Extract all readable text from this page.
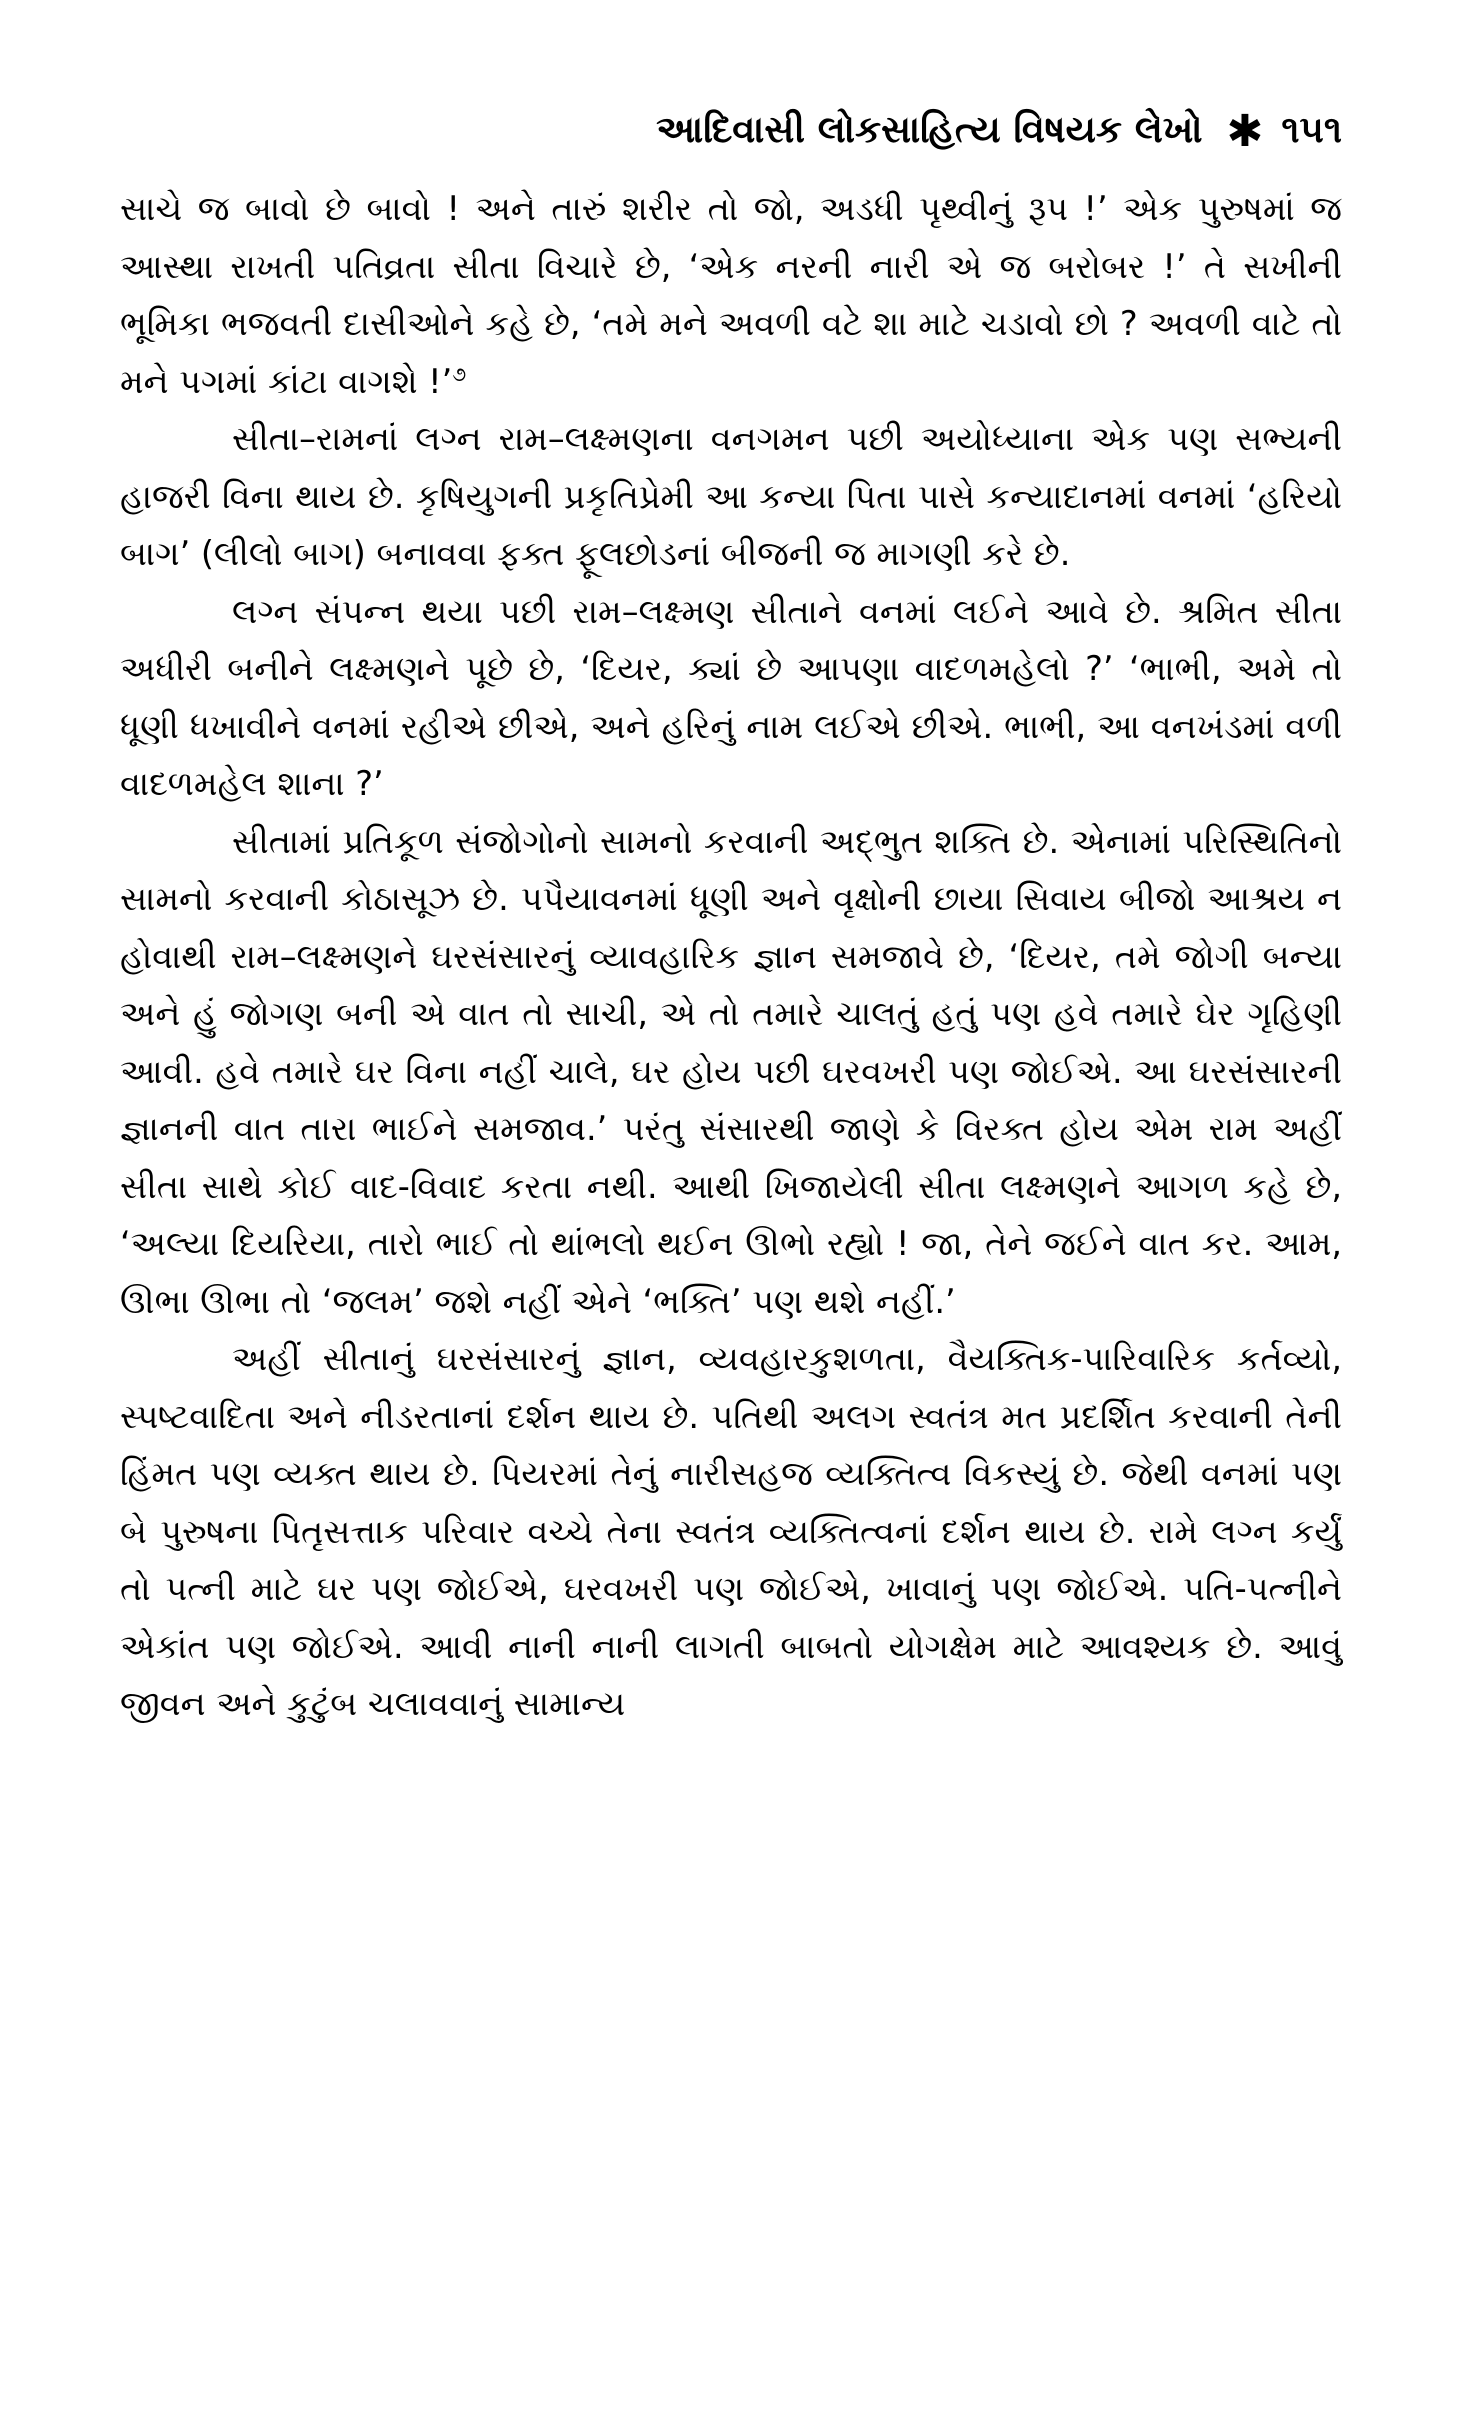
આદિવાસી લોકસાહિત્ય વિષયક લેખો ✱ ૧૫૧

સાચે જ બાવો છે બાવો ! અને તારું શરીર તો જો, અડધી પૃથ્વીનું રૂપ !’ એક પુરુષમાં જ આસ્થા રાખતી પતિવ્રતા સીતા વિચારે છે, ‘એક નરની નારી એ જ બરોબર !’ તે સખીની ભૂમિકા ભજવતી દાસીઓને કહે છે, ‘તમે મને અવળી વટે શા માટે ચડાવો છો ? અવળી વાટે તો મને પગમાં કાંટા વાગશે !’$^૭$

સીતા–રામનાં લગ્ન રામ–લક્ષ્મણના વનગમન પછી અયોધ્યાના એક પણ સભ્યની હાજરી વિના થાય છે. કૃષિયુગની પ્રકૃતિપ્રેમી આ કન્યા પિતા પાસે કન્યાદાનમાં વનમાં ‘હરિયો બાગ’ (લીલો બાગ) બનાવવા ફક્ત ફૂલછોડનાં બીજની જ માગણી કરે છે.

લગ્ન સંપન્ન થયા પછી રામ–લક્ષ્મણ સીતાને વનમાં લઈને આવે છે. શ્રમિત સીતા અધીરી બનીને લક્ષ્મણને પૂછે છે, ‘દિયર, ક્યાં છે આપણા વાદળમહેલો ?’ ‘ભાભી, અમે તો ધૂણી ધખાવીને વનમાં રહીએ છીએ, અને હરિનું નામ લઈએ છીએ. ભાભી, આ વનખંડમાં વળી વાદળમહેલ શાના ?’

સીતામાં પ્રતિકૂળ સંજોગોનો સામનો કરવાની અદ્ભુત શક્તિ છે. એનામાં પરિસ્થિતિનો સામનો કરવાની કોઠાસૂઝ છે. પપૈયાવનમાં ધૂણી અને વૃક્ષોની છાયા સિવાય બીજો આશ્રય ન હોવાથી રામ–લક્ષ્મણને ઘરસંસારનું વ્યાવહારિક જ્ઞાન સમજાવે છે, ‘દિયર, તમે જોગી બન્યા અને હું જોગણ બની એ વાત તો સાચી, એ તો તમારે ચાલતું હતું પણ હવે તમારે ઘેર ગૃહિણી આવી. હવે તમારે ઘર વિના નહીં ચાલે, ઘર હોય પછી ઘરવખરી પણ જોઈએ. આ ઘરસંસારની જ્ઞાનની વાત તારા ભાઈને સમજાવ.’ પરંતુ સંસારથી જાણે કે વિરક્ત હોય એમ રામ અહીં સીતા સાથે કોઈ વાદ-વિવાદ કરતા નથી. આથી ખિજાયેલી સીતા લક્ષ્મણને આગળ કહે છે, ‘અલ્યા દિયરિયા, તારો ભાઈ તો થાંભલો થઈન ઊભો રહ્યો ! જા, તેને જઈને વાત કર. આમ, ઊભા ઊભા તો ‘જલમ’ જશે નહીં એને ‘ભક્તિ’ પણ થશે નહીં.’

અહીં સીતાનું ઘરસંસારનું જ્ઞાન, વ્યવહારકુશળતા, વૈયક્તિક-પારિવારિક કર્તવ્યો, સ્પષ્ટવાદિતા અને નીડરતાનાં દર્શન થાય છે. પતિથી અલગ સ્વતંત્ર મત પ્રદર્શિત કરવાની તેની હિંમત પણ વ્યક્ત થાય છે. પિયરમાં તેનું નારીસહજ વ્યક્તિત્વ વિકસ્યું છે. જેથી વનમાં પણ બે પુરુષના પિતૃસત્તાક પરિવાર વચ્ચે તેના સ્વતંત્ર વ્યક્તિત્વનાં દર્શન થાય છે. રામે લગ્ન કર્યું તો પત્ની માટે ઘર પણ જોઈએ, ઘરવખરી પણ જોઈએ, ખાવાનું પણ જોઈએ. પતિ-પત્નીને એકાંત પણ જોઈએ. આવી નાની નાની લાગતી બાબતો યોગક્ષેમ માટે આવશ્યક છે. આવું જીવન અને કુટુંબ ચલાવવાનું સામાન્ય
